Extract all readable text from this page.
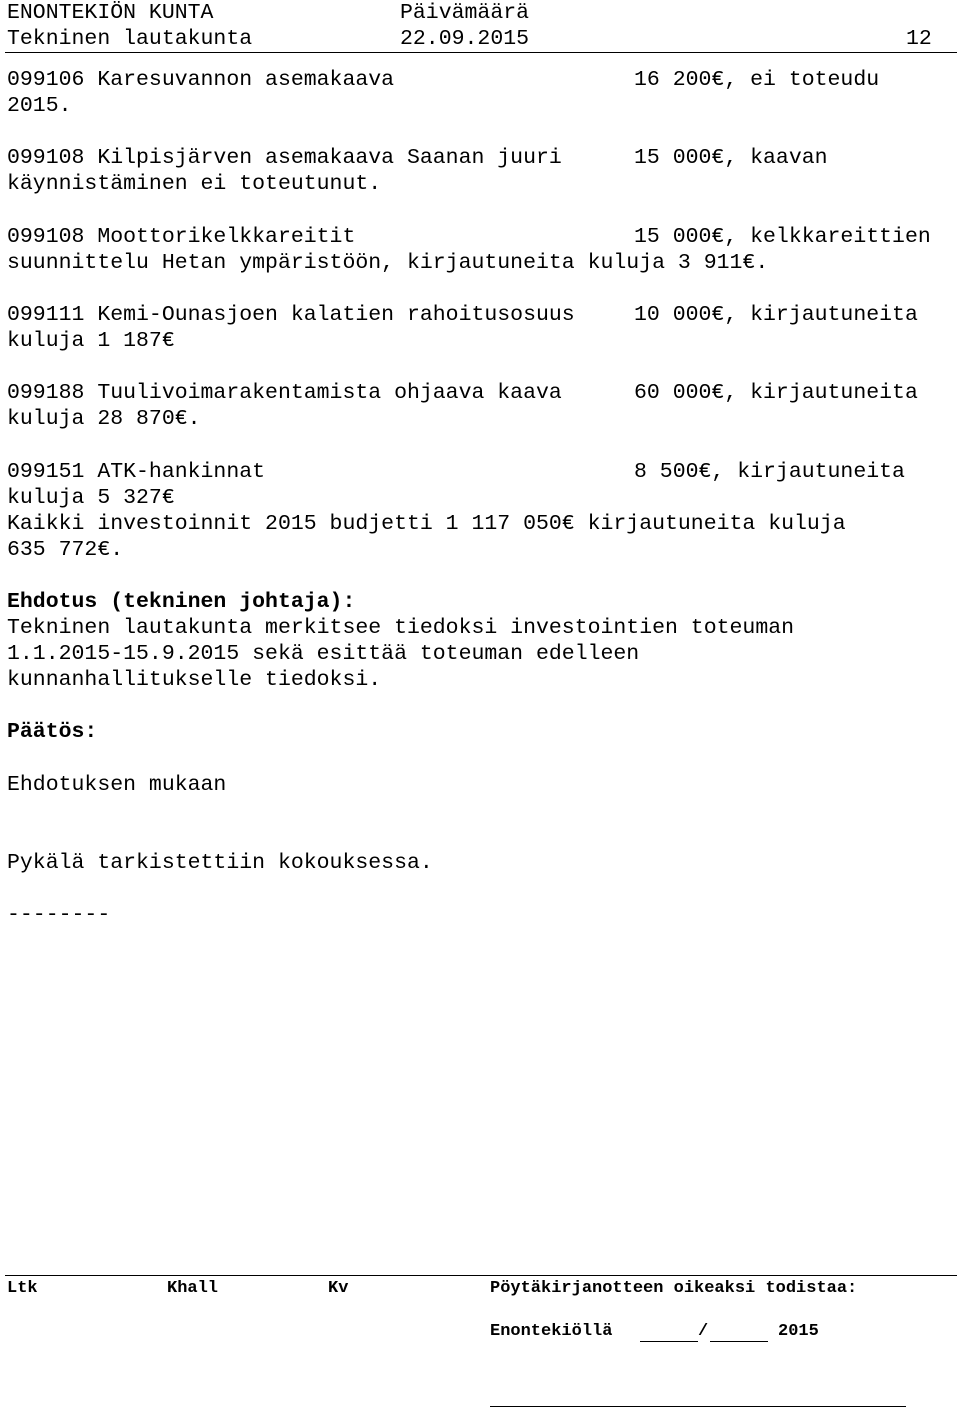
ENONTEKIÖN KUNTA	Päivämäärä
Tekninen lautakunta	22.09.2015	12
099106 Karesuvannon asemakaava	16 200€, ei toteudu
2015.
099108 Kilpisjärven asemakaava Saanan juuri	15 000€, kaavan
käynnistäminen ei toteutunut.
099108 Moottorikelkkareitit	15 000€, kelkkareittien
suunnittelu Hetan ympäristöön, kirjautuneita kuluja 3 911€.
099111 Kemi-Ounasjoen kalatien rahoitusosuus	10 000€, kirjautuneita
kuluja 1 187€
099188 Tuulivoimarakentamista ohjaava kaava	60 000€, kirjautuneita
kuluja 28 870€.
099151 ATK-hankinnat	8 500€, kirjautuneita
kuluja 5 327€
Kaikki investoinnit 2015 budjetti 1 117 050€ kirjautuneita kuluja
635 772€.
Ehdotus (tekninen johtaja):
Tekninen lautakunta merkitsee tiedoksi investointien toteuman
1.1.2015-15.9.2015 sekä esittää toteuman edelleen
kunnanhallitukselle tiedoksi.
Päätös:
Ehdotuksen mukaan
Pykälä tarkistettiin kokouksessa.
--------
Ltk	Khall	Kv	Pöytäkirjanotteen oikeaksi todistaa:
Enontekiöllä	/	2015
